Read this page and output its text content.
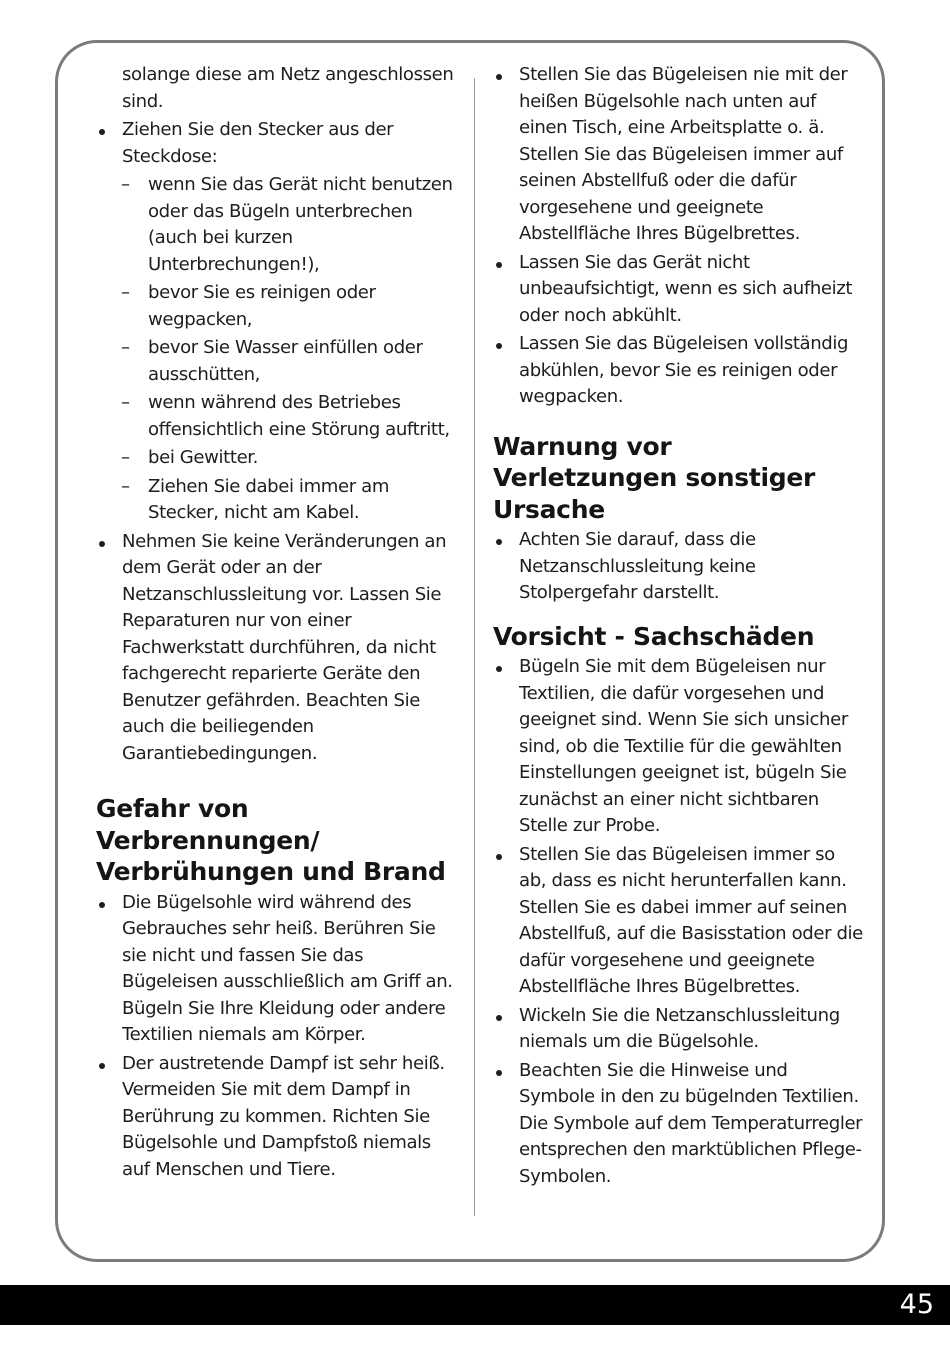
solange diese am Netz angeschlossen sind.
Ziehen Sie den Stecker aus der Steckdose:
– wenn Sie das Gerät nicht benutzen oder das Bügeln unterbrechen (auch bei kurzen Unterbrechungen!),
– bevor Sie es reinigen oder wegpacken,
– bevor Sie Wasser einfüllen oder ausschütten,
– wenn während des Betriebes offensichtlich eine Störung auftritt,
– bei Gewitter.
– Ziehen Sie dabei immer am Stecker, nicht am Kabel.
Nehmen Sie keine Veränderungen an dem Gerät oder an der Netzanschlussleitung vor. Lassen Sie Reparaturen nur von einer Fachwerkstatt durchführen, da nicht fachgerecht reparierte Geräte den Benutzer gefährden. Beachten Sie auch die beiliegenden Garantiebedingungen.
Gefahr von Verbrennungen/ Verbrühungen und Brand
Die Bügelsohle wird während des Gebrauches sehr heiß. Berühren Sie sie nicht und fassen Sie das Bügeleisen ausschließlich am Griff an. Bügeln Sie Ihre Kleidung oder andere Textilien niemals am Körper.
Der austretende Dampf ist sehr heiß. Vermeiden Sie mit dem Dampf in Berührung zu kommen. Richten Sie Bügelsohle und Dampfstoß niemals auf Menschen und Tiere.
Stellen Sie das Bügeleisen nie mit der heißen Bügelsohle nach unten auf einen Tisch, eine Arbeitsplatte o. ä. Stellen Sie das Bügeleisen immer auf seinen Abstellfuß oder die dafür vorgesehene und geeignete Abstellfläche Ihres Bügelbrettes.
Lassen Sie das Gerät nicht unbeaufsichtigt, wenn es sich aufheizt oder noch abkühlt.
Lassen Sie das Bügeleisen vollständig abkühlen, bevor Sie es reinigen oder wegpacken.
Warnung vor Verletzungen sonstiger Ursache
Achten Sie darauf, dass die Netzanschlussleitung keine Stolpergefahr darstellt.
Vorsicht - Sachschäden
Bügeln Sie mit dem Bügeleisen nur Textilien, die dafür vorgesehen und geeignet sind. Wenn Sie sich unsicher sind, ob die Textilie für die gewählten Einstellungen geeignet ist, bügeln Sie zunächst an einer nicht sichtbaren Stelle zur Probe.
Stellen Sie das Bügeleisen immer so ab, dass es nicht herunterfallen kann. Stellen Sie es dabei immer auf seinen Abstellfuß, auf die Basisstation oder die dafür vorgesehene und geeignete Abstellfläche Ihres Bügelbrettes.
Wickeln Sie die Netzanschlussleitung niemals um die Bügelsohle.
Beachten Sie die Hinweise und Symbole in den zu bügelnden Textilien. Die Symbole auf dem Temperaturregler entsprechen den marktüblichen Pflege-Symbolen.
45
